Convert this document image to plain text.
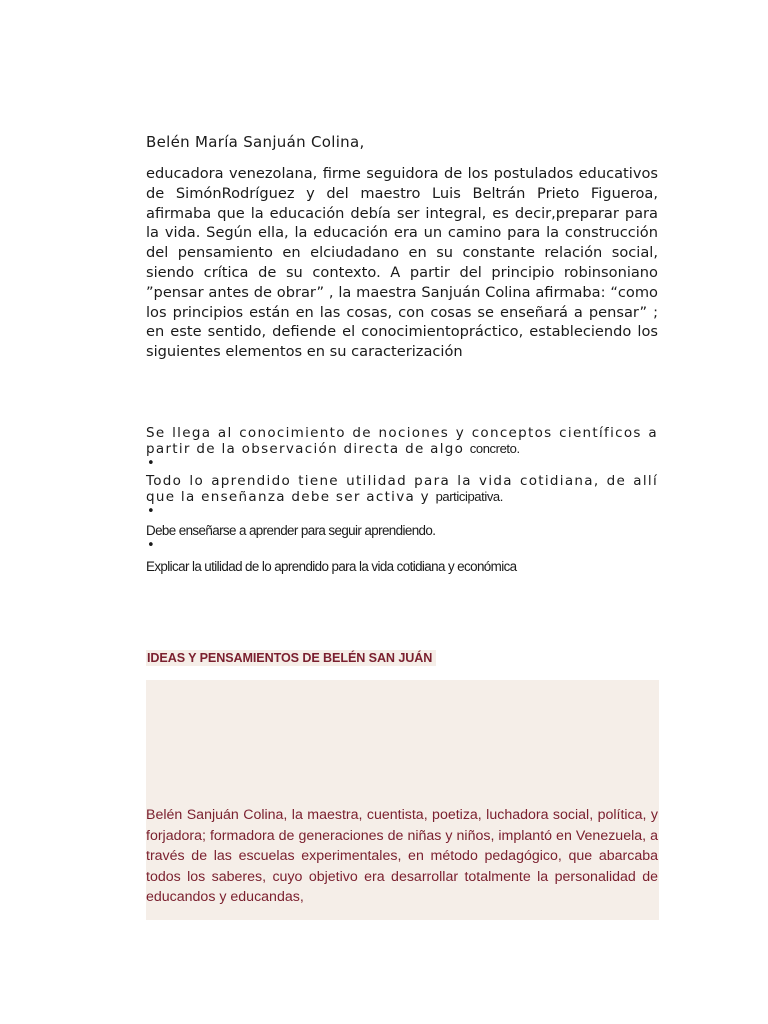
Belén María Sanjuán Colina,
educadora venezolana, firme seguidora de los postulados educativos de SimónRodríguez y del maestro Luis Beltrán Prieto Figueroa, afirmaba que la educación debía ser integral, es decir,preparar para la vida. Según ella, la educación era un camino para la construcción del pensamiento en elciudadano en su constante relación social, siendo crítica de su contexto. A partir del principio robinsoniano ”pensar antes de obrar” , la maestra Sanjuán Colina afirmaba: “como los principios están en las cosas, con cosas se enseñará a pensar” ; en este sentido, defiende el conocimientopráctico, estableciendo los siguientes elementos en su caracterización

Se llega al conocimiento de nociones y conceptos científicos a partir de la observación directa de algo concreto.

•

Todo lo aprendido tiene utilidad para la vida cotidiana, de allí que la enseñanza debe ser activa y participativa.

•

Debe enseñarse a aprender para seguir aprendiendo.

•

Explicar la utilidad de lo aprendido para la vida cotidiana y económica

IDEAS Y PENSAMIENTOS DE BELÉN SAN JUÁN

Belén Sanjuán Colina, la maestra, cuentista, poetiza, luchadora social, política, y forjadora; formadora de generaciones de niñas y niños, implantó en Venezuela, a través de las escuelas experimentales, en método pedagógico, que abarcaba todos los saberes, cuyo objetivo era desarrollar totalmente la personalidad de educandos y educandas,
